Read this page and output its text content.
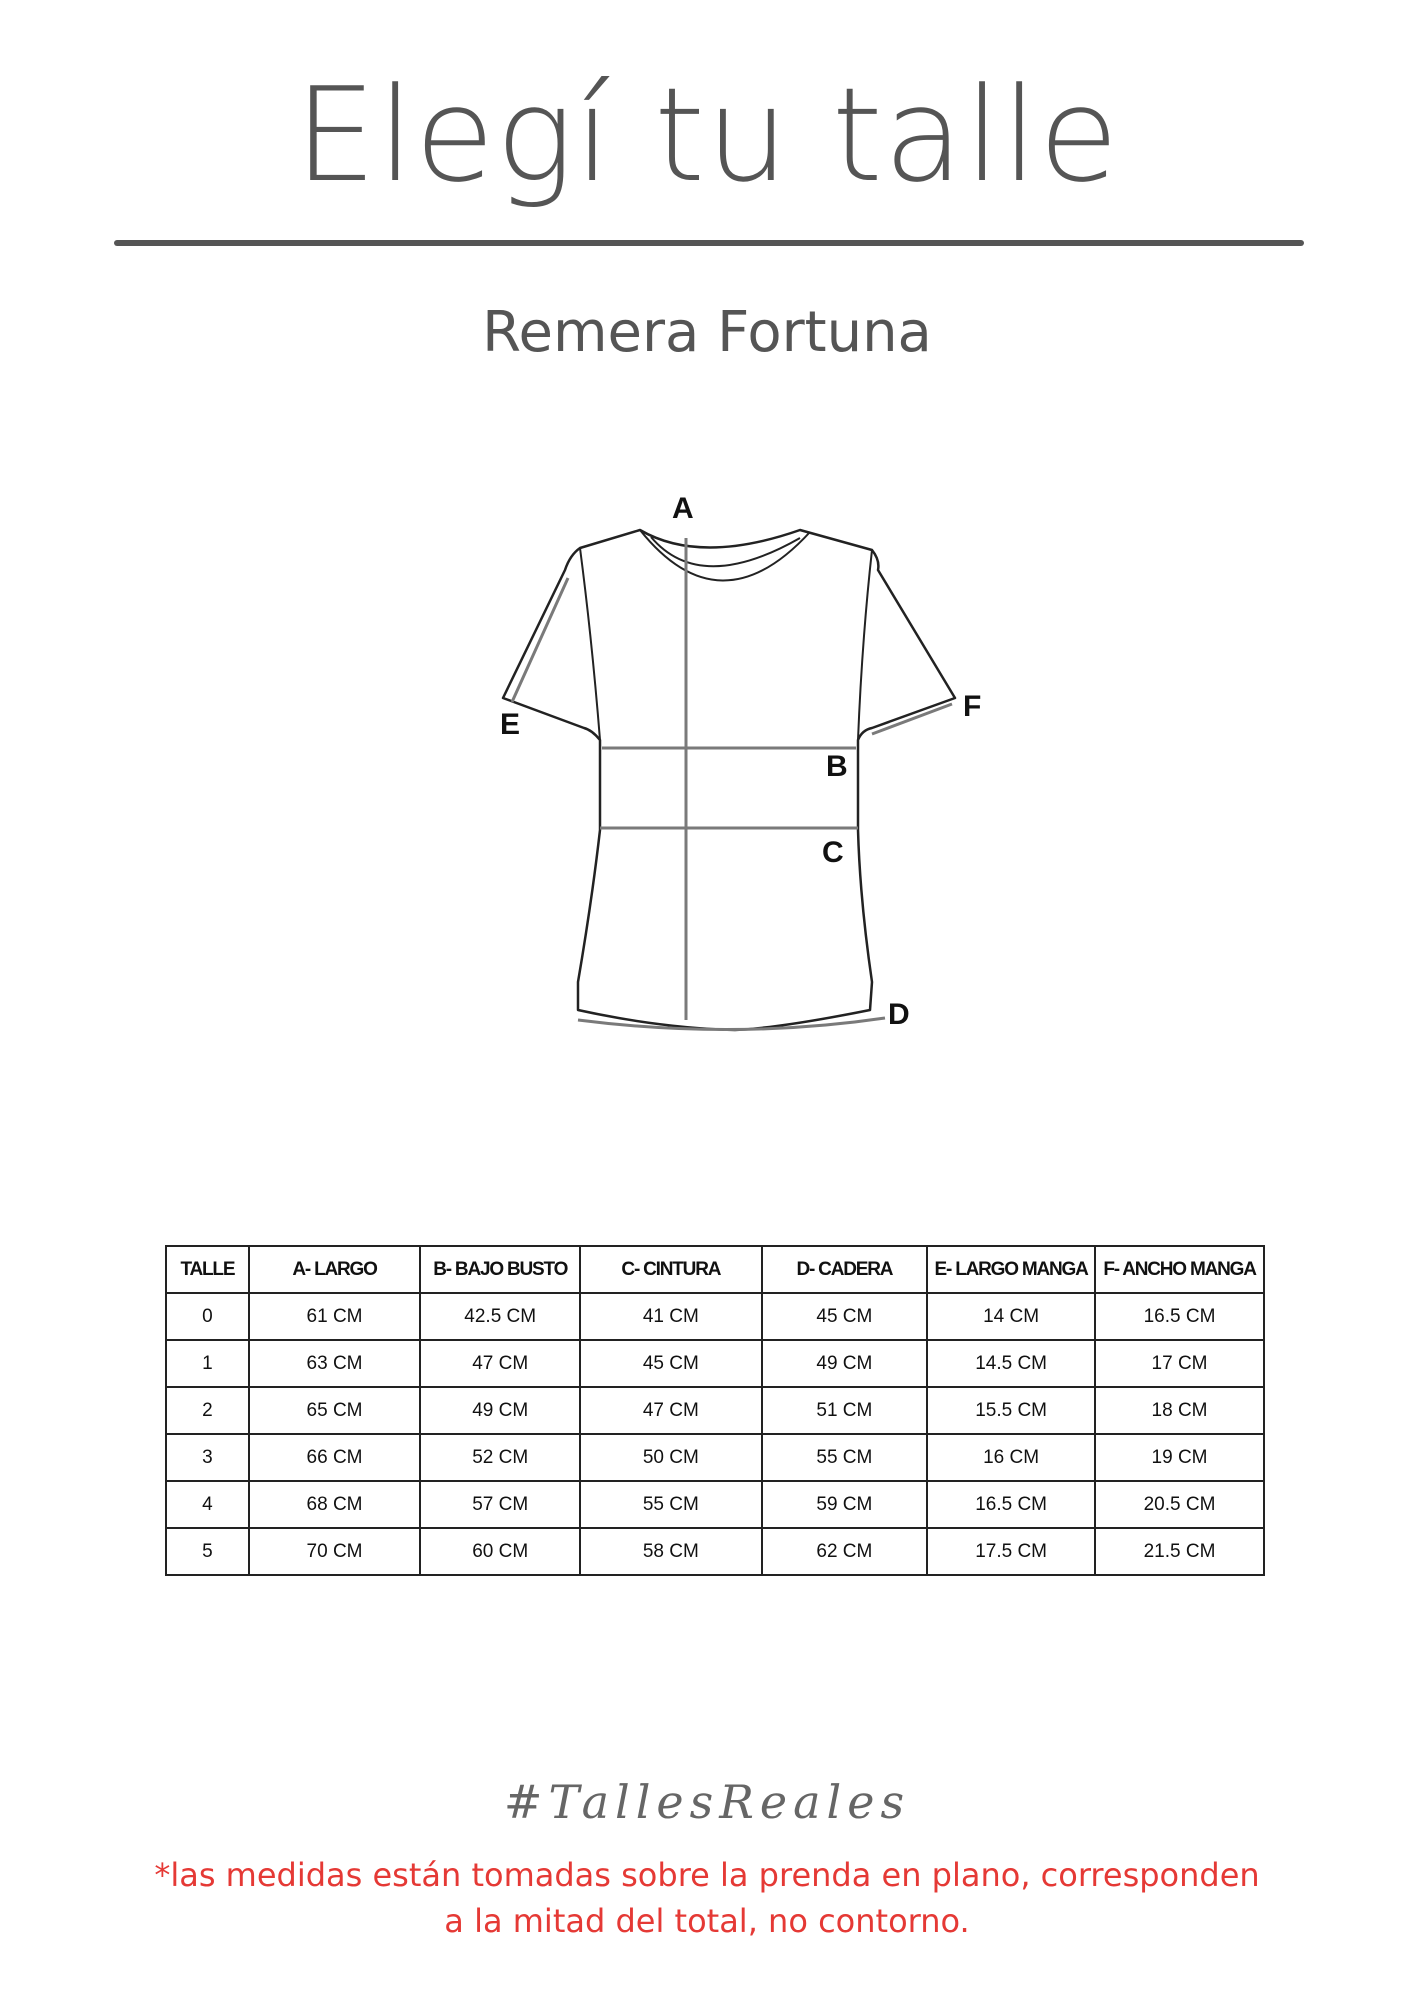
Elegí tu talle
Remera Fortuna
A
B
C
D
E
F
TALLE	A- LARGO	B- BAJO BUSTO	C- CINTURA	D- CADERA	E- LARGO MANGA	F- ANCHO MANGA
0	61 CM	42.5 CM	41 CM	45 CM	14 CM	16.5 CM
1	63 CM	47 CM	45 CM	49 CM	14.5 CM	17 CM
2	65 CM	49 CM	47 CM	51 CM	15.5 CM	18 CM
3	66 CM	52 CM	50 CM	55 CM	16 CM	19 CM
4	68 CM	57 CM	55 CM	59 CM	16.5 CM	20.5 CM
5	70 CM	60 CM	58 CM	62 CM	17.5 CM	21.5 CM
#TallesReales
*las medidas están tomadas sobre la prenda en plano, corresponden
a la mitad del total, no contorno.
